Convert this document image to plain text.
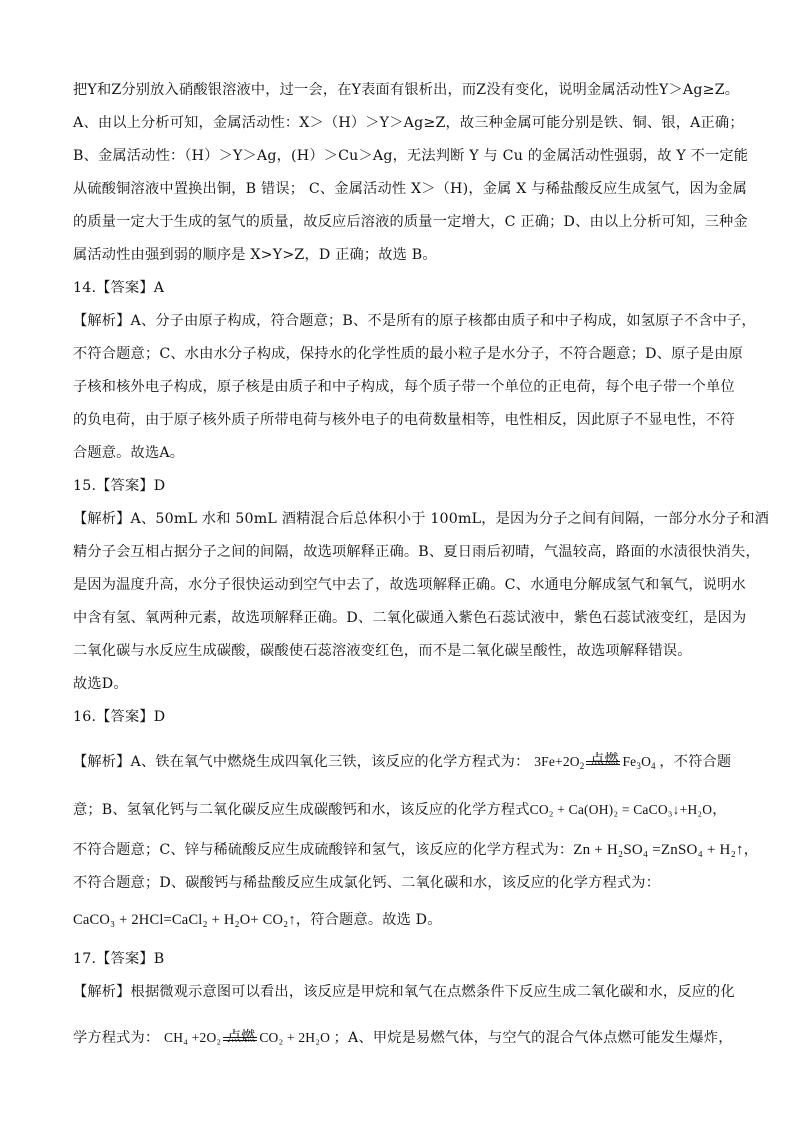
把Y和Z分别放入硝酸银溶液中，过一会，在Y表面有银析出，而Z没有变化，说明金属活动性Y＞Ag≥Z。
A、由以上分析可知，金属活动性：X＞（H）＞Y＞Ag≥Z，故三种金属可能分别是铁、铜、银，A正确；
B、金属活动性：（H）＞Y＞Ag，(H）＞Cu＞Ag，无法判断 Y 与 Cu 的金属活动性强弱，故 Y 不一定能
从硫酸铜溶液中置换出铜，B 错误； C、金属活动性 X＞（H)，金属 X 与稀盐酸反应生成氢气，因为金属
的质量一定大于生成的氢气的质量，故反应后溶液的质量一定增大，C 正确；D、由以上分析可知，三种金
属活动性由强到弱的顺序是 X>Y>Z，D 正确；故选 B。
14.【答案】A
【解析】A、分子由原子构成，符合题意；B、不是所有的原子核都由质子和中子构成，如氢原子不含中子，
不符合题意；C、水由水分子构成，保持水的化学性质的最小粒子是水分子，不符合题意；D、原子是由原
子核和核外电子构成，原子核是由质子和中子构成，每个质子带一个单位的正电荷，每个电子带一个单位
的负电荷，由于原子核外质子所带电荷与核外电子的电荷数量相等，电性相反，因此原子不显电性，不符
合题意。故选A。
15.【答案】D
【解析】A、50mL 水和 50mL 酒精混合后总体积小于 100mL，是因为分子之间有间隔，一部分水分子和酒
精分子会互相占据分子之间的间隔，故选项解释正确。B、夏日雨后初晴，气温较高，路面的水渍很快消失，
是因为温度升高，水分子很快运动到空气中去了，故选项解释正确。C、水通电分解成氢气和氧气，说明水
中含有氢、氧两种元素，故选项解释正确。D、二氧化碳通入紫色石蕊试液中，紫色石蕊试液变红，是因为
二氧化碳与水反应生成碳酸，碳酸使石蕊溶液变红色，而不是二氧化碳呈酸性，故选项解释错误。
故选D。
16.【答案】D
【解析】A、铁在氧气中燃烧生成四氧化三铁，该反应的化学方程式为： $3Fe+2O_2$ 点燃 $Fe_3O_4$ ，不符合题
意；B、氢氧化钙与二氧化碳反应生成碳酸钙和水，该反应的化学方程式CO₂ + Ca(OH)₂ = CaCO₃↓+H₂O，
不符合题意；C、锌与稀硫酸反应生成硫酸锌和氢气，该反应的化学方程式为：Zn + H₂SO₄ =ZnSO₄ + H₂↑，
不符合题意；D、碳酸钙与稀盐酸反应生成氯化钙、二氧化碳和水，该反应的化学方程式为：
CaCO₃ + 2HCl=CaCl₂ + H₂O+ CO₂↑，符合题意。故选 D。
17.【答案】B
【解析】根据微观示意图可以看出，该反应是甲烷和氧气在点燃条件下反应生成二氧化碳和水，反应的化
学方程式为： CH₄ +2O₂ 点燃 CO₂ + 2H₂O ；A、甲烷是易燃气体，与空气的混合气体点燃可能发生爆炸，
